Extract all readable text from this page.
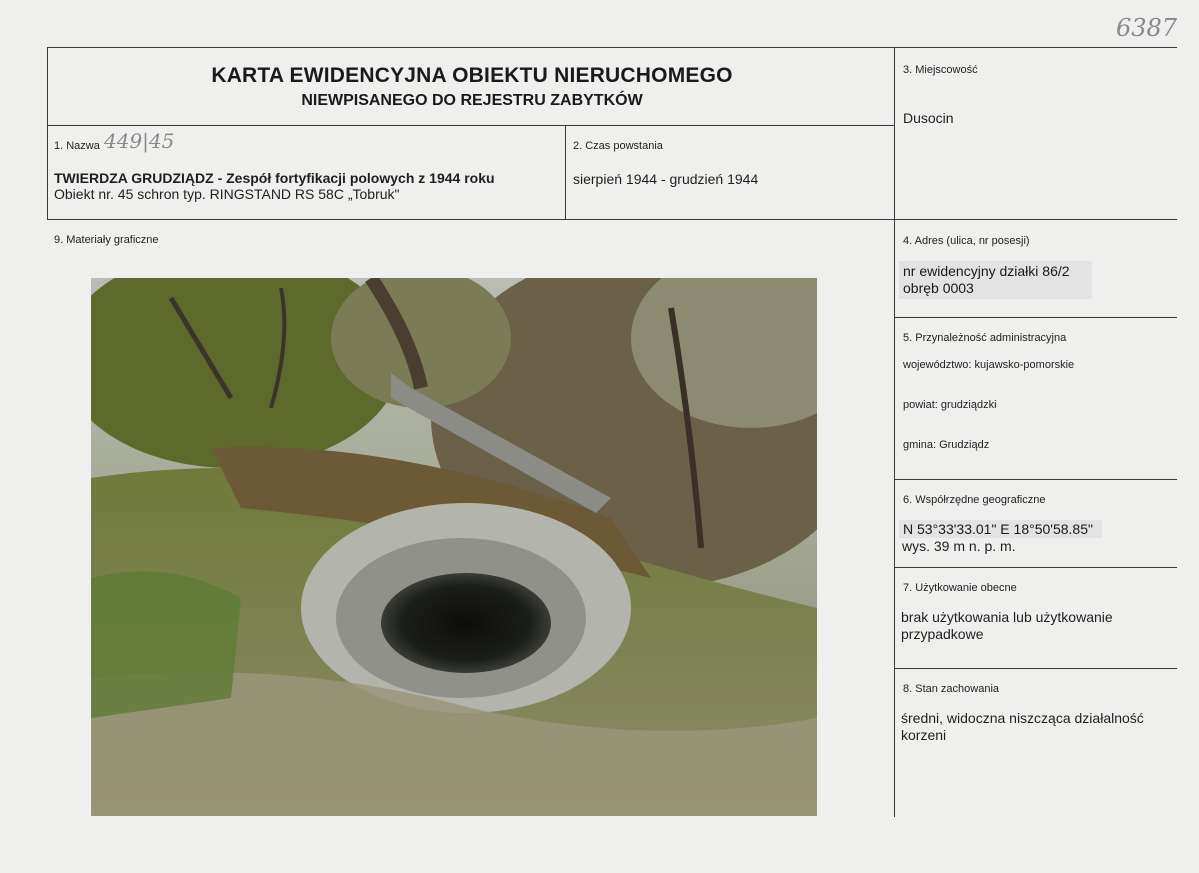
6387
KARTA EWIDENCYJNA OBIEKTU NIERUCHOMEGO
NIEWPISANEGO DO REJESTRU ZABYTKÓW
1. Nazwa 449|45
TWIERDZA GRUDZIĄDZ - Zespół fortyfikacji polowych z 1944 roku
Obiekt nr. 45 schron typ. RINGSTAND RS 58C „Tobruk"
2. Czas powstania
sierpień 1944 - grudzień 1944
3. Miejscowość
Dusocin
4. Adres (ulica, nr posesji)
nr ewidencyjny działki 86/2
obręb 0003
5. Przynależność administracyjna
województwo: kujawsko-pomorskie
powiat: grudziądzki
gmina: Grudziądz
6. Współrzędne geograficzne
N 53°33'33.01" E 18°50'58.85"
wys. 39 m n. p. m.
7. Użytkowanie obecne
brak użytkowania lub użytkowanie
przypadkowe
8. Stan zachowania
średni, widoczna niszcząca działalność
korzeni
9. Materiały graficzne
